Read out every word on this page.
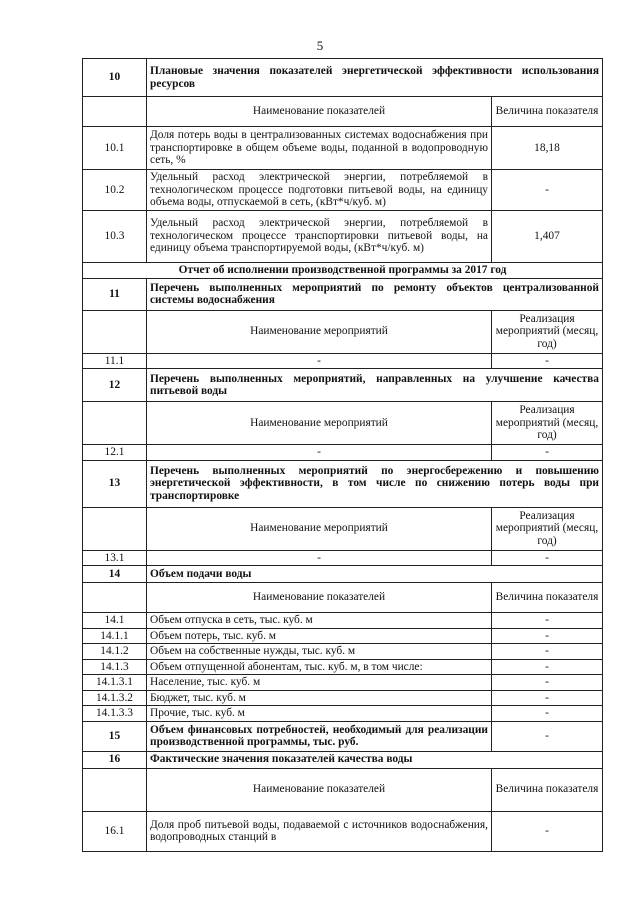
5
10	Плановые значения показателей энергетической эффективности использования ресурсов	
	Наименование показателей	Величина показателя
10.1	Доля потерь воды в централизованных системах водоснабжения при транспортировке в общем объеме воды, поданной в водопроводную сеть, %	18,18
10.2	Удельный расход электрической энергии, потребляемой в технологическом процессе подготовки питьевой воды, на единицу объема воды, отпускаемой в сеть, (кВт*ч/куб. м)	-
10.3	Удельный расход электрической энергии, потребляемой в технологическом процессе транспортировки питьевой воды, на единицу объема транспортируемой воды, (кВт*ч/куб. м)	1,407
Отчет об исполнении производственной программы за 2017 год		
11	Перечень выполненных мероприятий по ремонту объектов централизованной системы водоснабжения	
	Наименование мероприятий	Реализация мероприятий (месяц, год)
11.1	-	-
12	Перечень выполненных мероприятий, направленных на улучшение качества питьевой воды	
	Наименование мероприятий	Реализация мероприятий (месяц, год)
12.1	-	-
13	Перечень выполненных мероприятий по энергосбережению и повышению энергетической эффективности, в том числе по снижению потерь воды при транспортировке	
	Наименование мероприятий	Реализация мероприятий (месяц, год)
13.1	-	-
14	Объем подачи воды	
	Наименование показателей	Величина показателя
14.1	Объем отпуска в сеть, тыс. куб. м	-
14.1.1	Объем потерь, тыс. куб. м	-
14.1.2	Объем на собственные нужды, тыс. куб. м	-
14.1.3	Объем отпущенной абонентам, тыс. куб. м, в том числе:	-
14.1.3.1	Население, тыс. куб. м	-
14.1.3.2	Бюджет, тыс. куб. м	-
14.1.3.3	Прочие, тыс. куб. м	-
15	Объем финансовых потребностей, необходимый для реализации производственной программы, тыс. руб.	-
16	Фактические значения показателей качества воды	
	Наименование показателей	Величина показателя
16.1	Доля проб питьевой воды, подаваемой с источников водоснабжения, водопроводных станций в	-
